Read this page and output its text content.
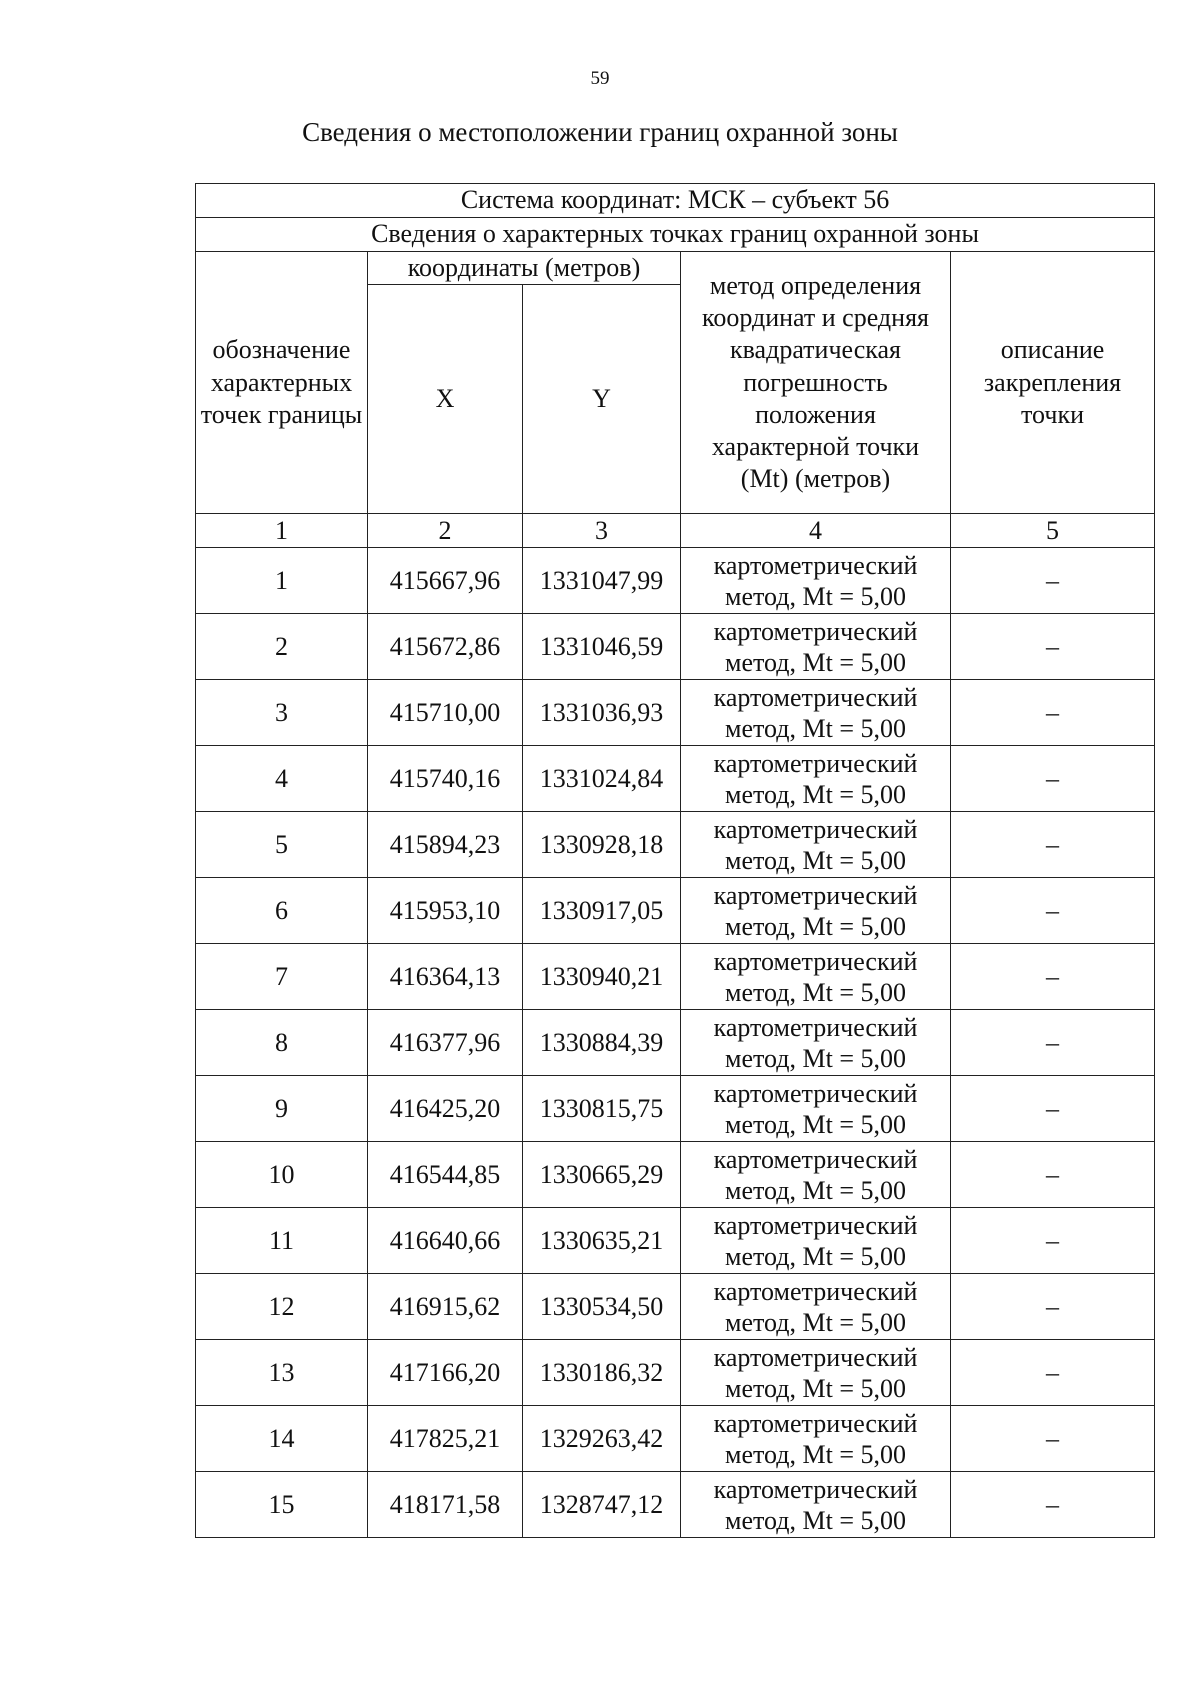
59
Сведения о местоположении границ охранной зоны
Система координат: МСК – субъект 56				
Сведения о характерных точках границ охранной зоны				
обозначение характерных точек границы	координаты (метров)		метод определения координат и средняя квадратическая погрешность положения характерной точки (Mt) (метров)	описание закрепления точки
	X	Y		
1	2	3	4	5
1	415667,96	1331047,99	картометрический метод, Mt = 5,00	–
2	415672,86	1331046,59	картометрический метод, Mt = 5,00	–
3	415710,00	1331036,93	картометрический метод, Mt = 5,00	–
4	415740,16	1331024,84	картометрический метод, Mt = 5,00	–
5	415894,23	1330928,18	картометрический метод, Mt = 5,00	–
6	415953,10	1330917,05	картометрический метод, Mt = 5,00	–
7	416364,13	1330940,21	картометрический метод, Mt = 5,00	–
8	416377,96	1330884,39	картометрический метод, Mt = 5,00	–
9	416425,20	1330815,75	картометрический метод, Mt = 5,00	–
10	416544,85	1330665,29	картометрический метод, Mt = 5,00	–
11	416640,66	1330635,21	картометрический метод, Mt = 5,00	–
12	416915,62	1330534,50	картометрический метод, Mt = 5,00	–
13	417166,20	1330186,32	картометрический метод, Mt = 5,00	–
14	417825,21	1329263,42	картометрический метод, Mt = 5,00	–
15	418171,58	1328747,12	картометрический метод, Mt = 5,00	–
